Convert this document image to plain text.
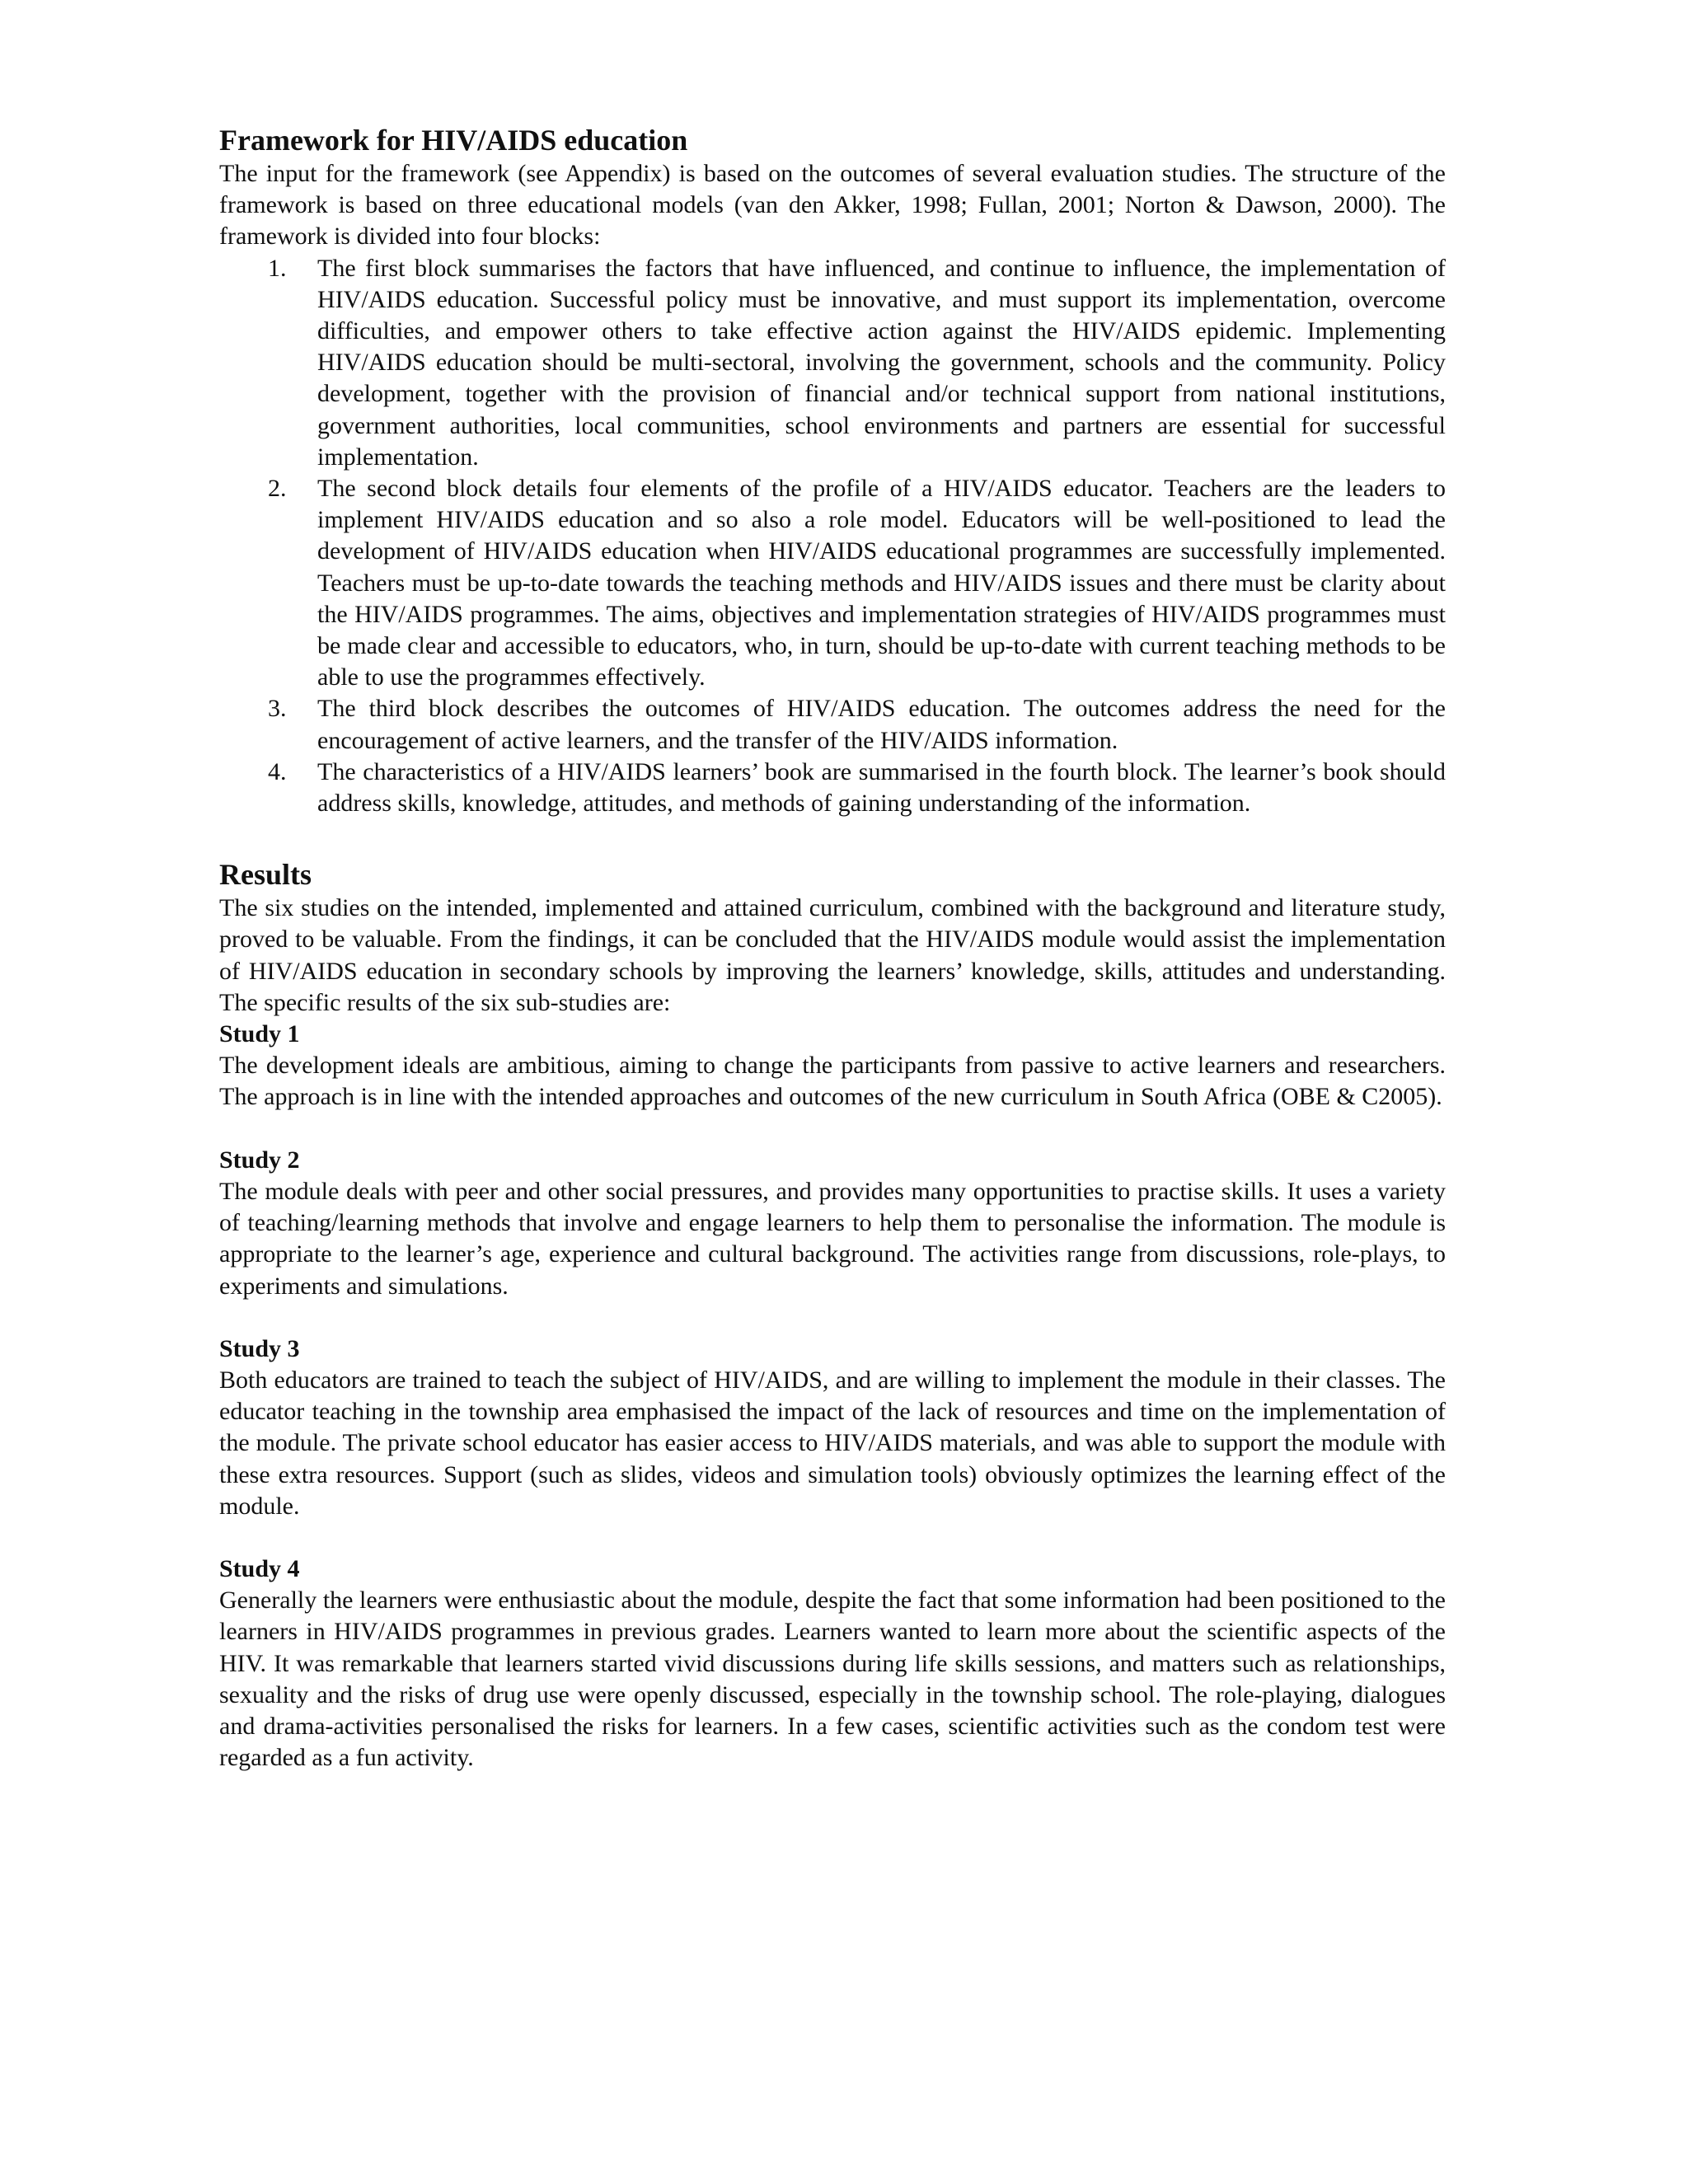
Framework for HIV/AIDS education

The input for the framework (see Appendix) is based on the outcomes of several evaluation studies. The structure of the framework is based on three educational models (van den Akker, 1998; Fullan, 2001; Norton & Dawson, 2000). The framework is divided into four blocks:

1. The first block summarises the factors that have influenced, and continue to influence, the implementation of HIV/AIDS education. Successful policy must be innovative, and must support its implementation, overcome difficulties, and empower others to take effective action against the HIV/AIDS epidemic. Implementing HIV/AIDS education should be multi-sectoral, involving the government, schools and the community. Policy development, together with the provision of financial and/or technical support from national institutions, government authorities, local communities, school environments and partners are essential for successful implementation.
2. The second block details four elements of the profile of a HIV/AIDS educator. Teachers are the leaders to implement HIV/AIDS education and so also a role model. Educators will be well-positioned to lead the development of HIV/AIDS education when HIV/AIDS educational programmes are successfully implemented. Teachers must be up-to-date towards the teaching methods and HIV/AIDS issues and there must be clarity about the HIV/AIDS programmes. The aims, objectives and implementation strategies of HIV/AIDS programmes must be made clear and accessible to educators, who, in turn, should be up-to-date with current teaching methods to be able to use the programmes effectively.
3. The third block describes the outcomes of HIV/AIDS education. The outcomes address the need for the encouragement of active learners, and the transfer of the HIV/AIDS information.
4. The characteristics of a HIV/AIDS learners’ book are summarised in the fourth block. The learner’s book should address skills, knowledge, attitudes, and methods of gaining understanding of the information.
Results

The six studies on the intended, implemented and attained curriculum, combined with the background and literature study, proved to be valuable. From the findings, it can be concluded that the HIV/AIDS module would assist the implementation of HIV/AIDS education in secondary schools by improving the learners’ knowledge, skills, attitudes and understanding. The specific results of the six sub-studies are:

Study 1

The development ideals are ambitious, aiming to change the participants from passive to active learners and researchers. The approach is in line with the intended approaches and outcomes of the new curriculum in South Africa (OBE & C2005).

Study 2

The module deals with peer and other social pressures, and provides many opportunities to practise skills. It uses a variety of teaching/learning methods that involve and engage learners to help them to personalise the information. The module is appropriate to the learner’s age, experience and cultural background. The activities range from discussions, role-plays, to experiments and simulations.

Study 3

Both educators are trained to teach the subject of HIV/AIDS, and are willing to implement the module in their classes. The educator teaching in the township area emphasised the impact of the lack of resources and time on the implementation of the module. The private school educator has easier access to HIV/AIDS materials, and was able to support the module with these extra resources. Support (such as slides, videos and simulation tools) obviously optimizes the learning effect of the module.

Study 4

Generally the learners were enthusiastic about the module, despite the fact that some information had been positioned to the learners in HIV/AIDS programmes in previous grades. Learners wanted to learn more about the scientific aspects of the HIV. It was remarkable that learners started vivid discussions during life skills sessions, and matters such as relationships, sexuality and the risks of drug use were openly discussed, especially in the township school. The role-playing, dialogues and drama-activities personalised the risks for learners. In a few cases, scientific activities such as the condom test were regarded as a fun activity.
